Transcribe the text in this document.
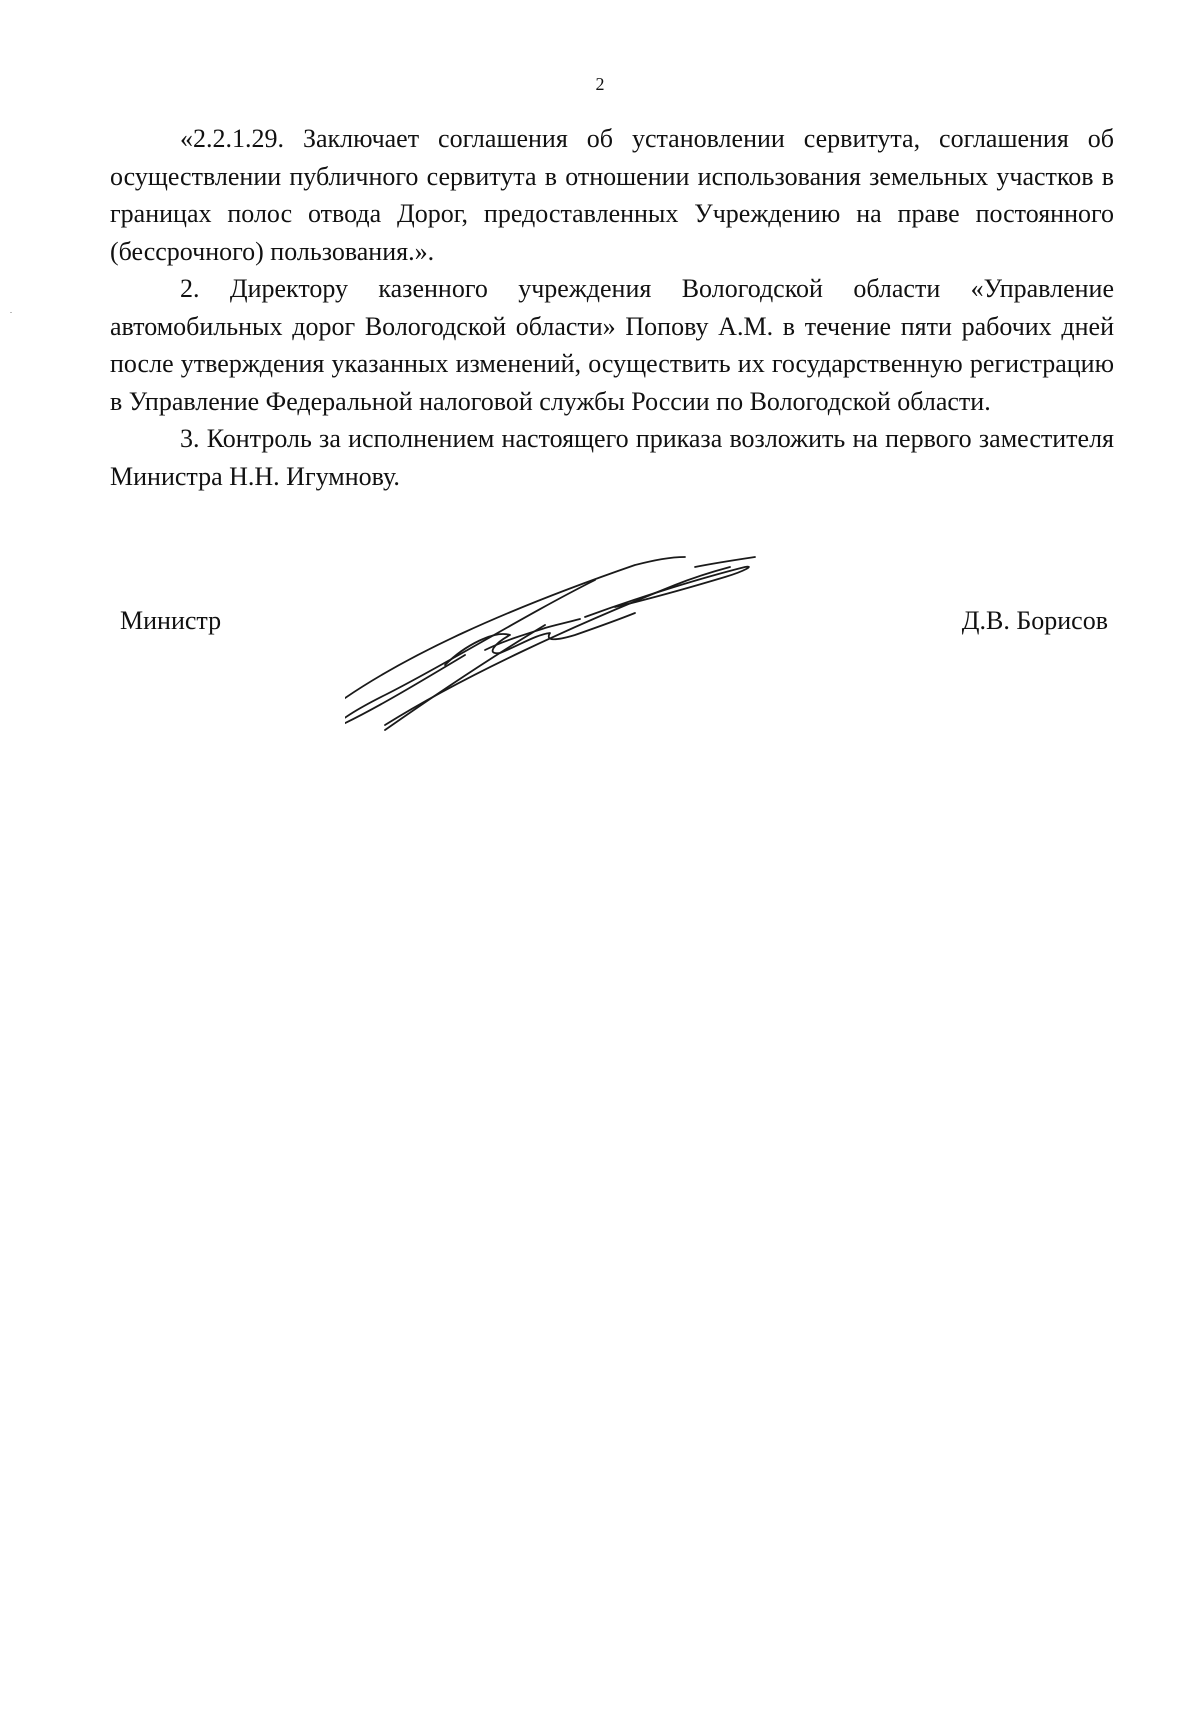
2

«2.2.1.29. Заключает соглашения об установлении сервитута, соглашения об осуществлении публичного сервитута в отношении использования земельных участков в границах полос отвода Дорог, предоставленных Учреждению на праве постоянного (бессрочного) пользования.».

2. Директору казенного учреждения Вологодской области «Управление автомобильных дорог Вологодской области» Попову А.М. в течение пяти рабочих дней после утверждения указанных изменений, осуществить их государственную регистрацию в Управление Федеральной налоговой службы России по Вологодской области.

3. Контроль за исполнением настоящего приказа возложить на первого заместителя Министра Н.Н. Игумнову.

Министр	Д.В. Борисов
